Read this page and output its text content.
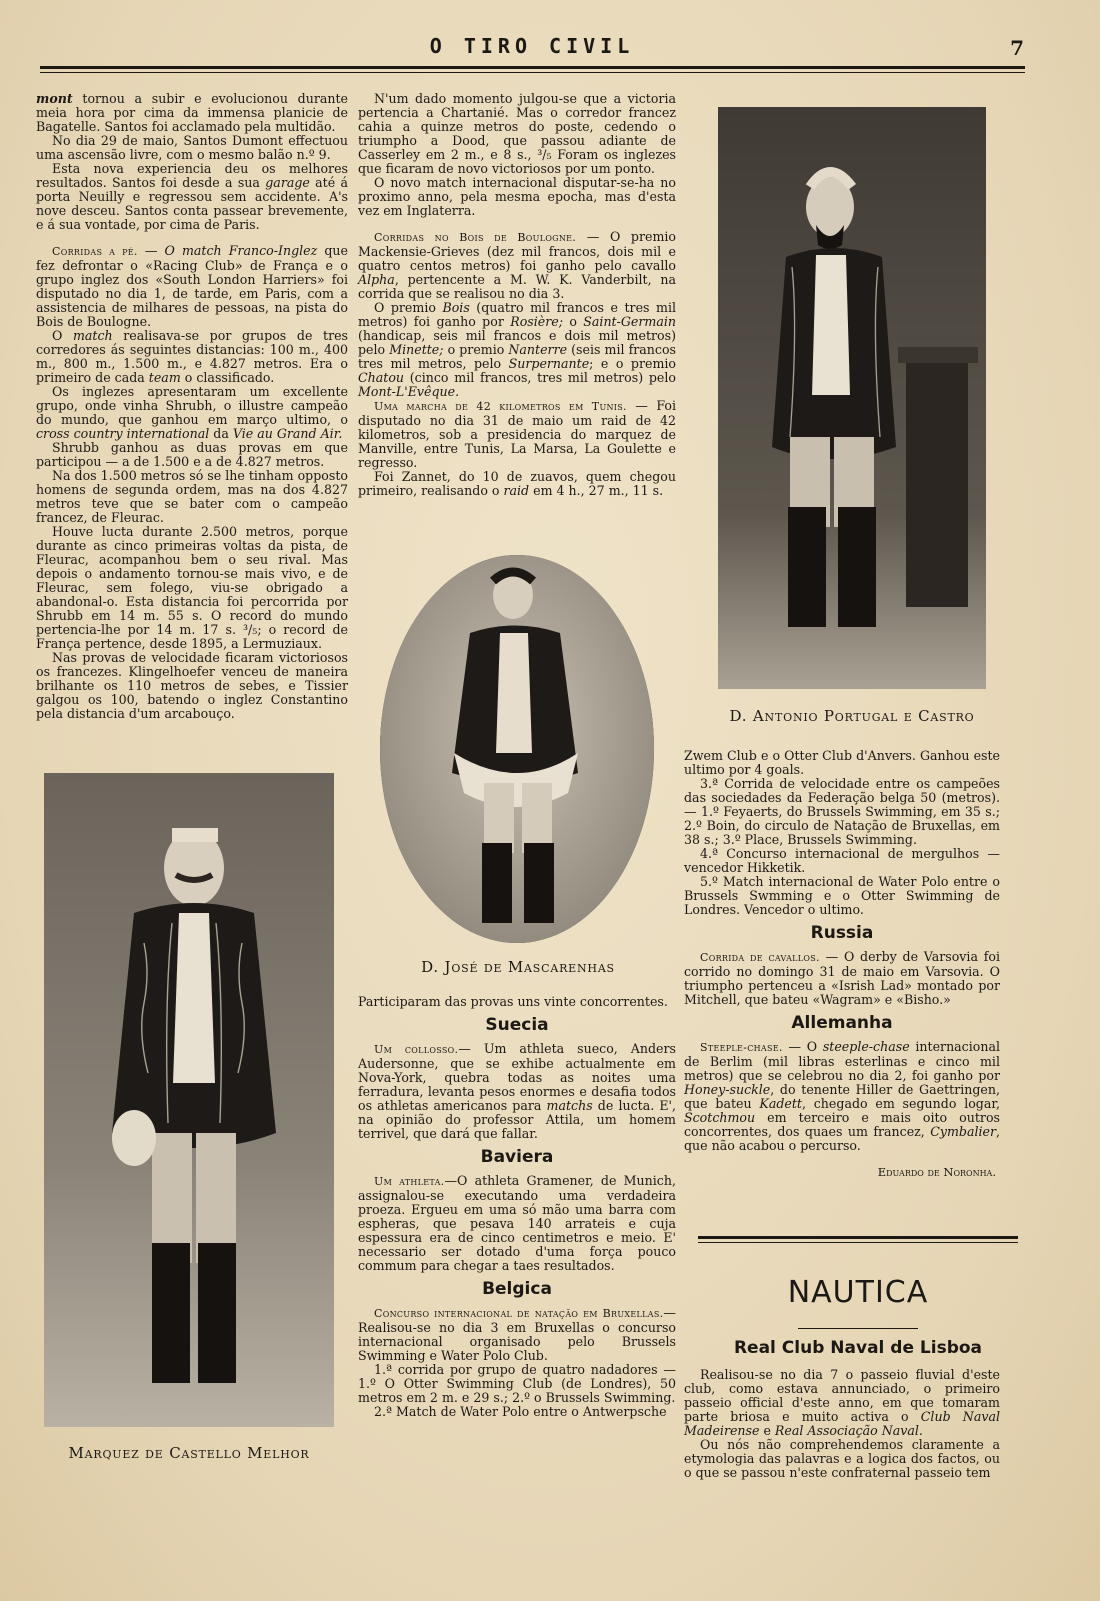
O TIRO CIVIL	7

mont tornou a subir e evolucionou durante meia hora por cima da immensa planicie de Bagatelle. Santos foi acclamado pela multidão.

No dia 29 de maio, Santos Dumont effectuou uma ascensão livre, com o mesmo balão n.º 9.

Esta nova experiencia deu os melhores resultados. Santos foi desde a sua garage até á porta Neuilly e regressou sem accidente. A's nove desceu. Santos conta passear brevemente, e á sua vontade, por cima de Paris.

Corridas a pé. — O match Franco-Inglez que fez defrontar o «Racing Club» de França e o grupo inglez dos «South London Harriers» foi disputado no dia 1, de tarde, em Paris, com a assistencia de milhares de pessoas, na pista do Bois de Boulogne.

O match realisava-se por grupos de tres corredores ás seguintes distancias: 100 m., 400 m., 800 m., 1.500 m., e 4.827 metros. Era o primeiro de cada team o classificado.

Os inglezes apresentaram um excellente grupo, onde vinha Shrubh, o illustre campeão do mundo, que ganhou em março ultimo, o cross country international da Vie au Grand Air.

Shrubb ganhou as duas provas em que participou — a de 1.500 e a de 4.827 metros.

Na dos 1.500 metros só se lhe tinham opposto homens de segunda ordem, mas na dos 4.827 metros teve que se bater com o campeão francez, de Fleurac.

Houve lucta durante 2.500 metros, porque durante as cinco primeiras voltas da pista, de Fleurac, acompanhou bem o seu rival. Mas depois o andamento tornou-se mais vivo, e de Fleurac, sem folego, viu-se obrigado a abandonal-o. Esta distancia foi percorrida por Shrubb em 14 m. 55 s. O record do mundo pertencia-lhe por 14 m. 17 s. ³/₅; o record de França pertence, desde 1895, a Lermuziaux.

Nas provas de velocidade ficaram victoriosos os francezes. Klingelhoefer venceu de maneira brilhante os 110 metros de sebes, e Tissier galgou os 100, batendo o inglez Constantino pela distancia d'um arcabouço.

Marquez de Castello Melhor

N'um dado momento julgou-se que a victoria pertencia a Chartanié. Mas o corredor francez cahia a quinze metros do poste, cedendo o triumpho a Dood, que passou adiante de Casserley em 2 m., e 8 s., ³/₅ Foram os inglezes que ficaram de novo victoriosos por um ponto.

O novo match internacional disputar-se-ha no proximo anno, pela mesma epocha, mas d'esta vez em Inglaterra.

Corridas no Bois de Boulogne. — O premio Mackensie-Grieves (dez mil francos, dois mil e quatro centos metros) foi ganho pelo cavallo Alpha, pertencente a M. W. K. Vanderbilt, na corrida que se realisou no dia 3.

O premio Bois (quatro mil francos e tres mil metros) foi ganho por Rosière; o Saint-Germain (handicap, seis mil francos e dois mil metros) pelo Minette; o premio Nanterre (seis mil francos tres mil metros, pelo Surpernante; e o premio Chatou (cinco mil francos, tres mil metros) pelo Mont-L'Evêque.

Uma marcha de 42 kilometros em Tunis. — Foi disputado no dia 31 de maio um raid de 42 kilometros, sob a presidencia do marquez de Manville, entre Tunis, La Marsa, La Goulette e regresso.

Foi Zannet, do 10 de zuavos, quem chegou primeiro, realisando o raid em 4 h., 27 m., 11 s.

D. José de Mascarenhas

Participaram das provas uns vinte concorrentes.

Suecia

Um collosso.— Um athleta sueco, Anders Audersonne, que se exhibe actualmente em Nova-York, quebra todas as noites uma ferradura, levanta pesos enormes e desafia todos os athletas americanos para matchs de lucta. E', na opinião do professor Attila, um homem terrivel, que dará que fallar.

Baviera

Um athleta.—O athleta Gramener, de Munich, assignalou-se executando uma verdadeira proeza. Ergueu em uma só mão uma barra com espheras, que pesava 140 arrateis e cuja espessura era de cinco centimetros e meio. E' necessario ser dotado d'uma força pouco commum para chegar a taes resultados.

Belgica

Concurso internacional de natação em Bruxellas.—Realisou-se no dia 3 em Bruxellas o concurso internacional organisado pelo Brussels Swimming e Water Polo Club.

1.ª corrida por grupo de quatro nadadores — 1.º O Otter Swimming Club (de Londres), 50 metros em 2 m. e 29 s.; 2.º o Brussels Swimming.

2.ª Match de Water Polo entre o Antwerpsche

D. Antonio Portugal e Castro

Zwem Club e o Otter Club d'Anvers. Ganhou este ultimo por 4 goals.

3.ª Corrida de velocidade entre os campeões das sociedades da Federação belga 50 (metros). — 1.º Feyaerts, do Brussels Swimming, em 35 s.; 2.º Boin, do circulo de Natação de Bruxellas, em 38 s.; 3.º Place, Brussels Swimming.

4.ª Concurso internacional de mergulhos — vencedor Hikketik.

5.º Match internacional de Water Polo entre o Brussels Swmming e o Otter Swimming de Londres. Vencedor o ultimo.

Russia

Corrida de cavallos. — O derby de Varsovia foi corrido no domingo 31 de maio em Varsovia. O triumpho pertenceu a «Isrish Lad» montado por Mitchell, que bateu «Wagram» e «Bisho.»

Allemanha

Steeple-chase. — O steeple-chase internacional de Berlim (mil libras esterlinas e cinco mil metros) que se celebrou no dia 2, foi ganho por Honey-suckle, do tenente Hiller de Gaettringen, que bateu Kadett, chegado em segundo logar, Scotchmou em terceiro e mais oito outros concorrentes, dos quaes um francez, Cymbalier, que não acabou o percurso.

Eduardo de Noronha.
NAUTICA
Real Club Naval de Lisboa

Realisou-se no dia 7 o passeio fluvial d'este club, como estava annunciado, o primeiro passeio official d'este anno, em que tomaram parte briosa e muito activa o Club Naval Madeirense e Real Associação Naval.

Ou nós não comprehendemos claramente a etymologia das palavras e a logica dos factos, ou o que se passou n'este confraternal passeio tem
